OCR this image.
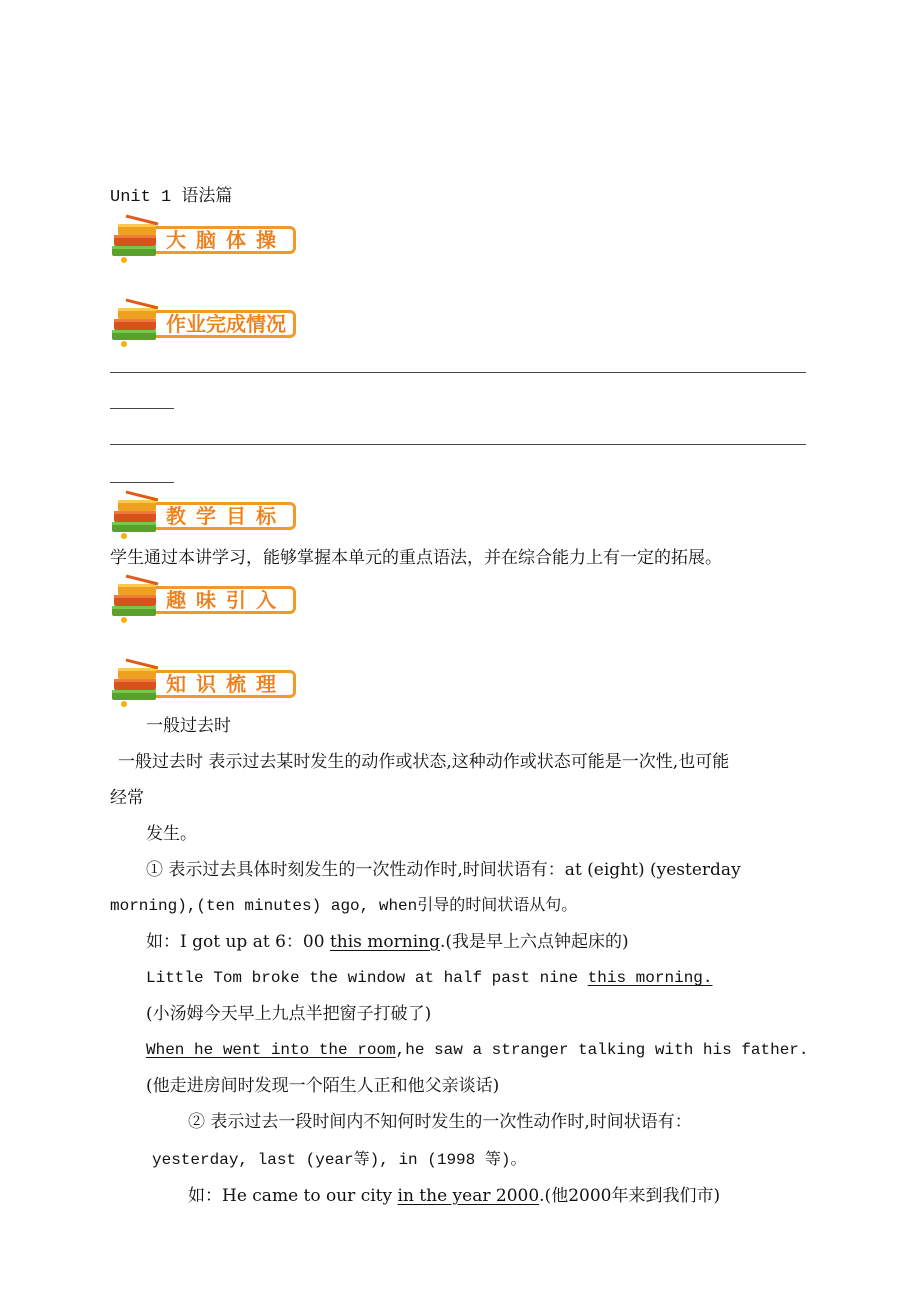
Unit 1 语法篇
大脑体操
作业完成情况
教学目标
学生通过本讲学习，能够掌握本单元的重点语法，并在综合能力上有一定的拓展。
趣味引入
知识梳理
一般过去时
一般过去时 表示过去某时发生的动作或状态,这种动作或状态可能是一次性,也可能
经常
发生。
① 表示过去具体时刻发生的一次性动作时,时间状语有：at (eight) (yesterday
morning),(ten minutes) ago, when引导的时间状语从句。
如：I got up at 6：00 this morning.(我是早上六点钟起床的)
Little Tom broke the window at half past nine this morning.
(小汤姆今天早上九点半把窗子打破了)
When he went into the room,he saw a stranger talking with his father.
(他走进房间时发现一个陌生人正和他父亲谈话)
② 表示过去一段时间内不知何时发生的一次性动作时,时间状语有：
yesterday, last (year等), in (1998 等)。
如：He came to our city in the year 2000.(他2000年来到我们市)
